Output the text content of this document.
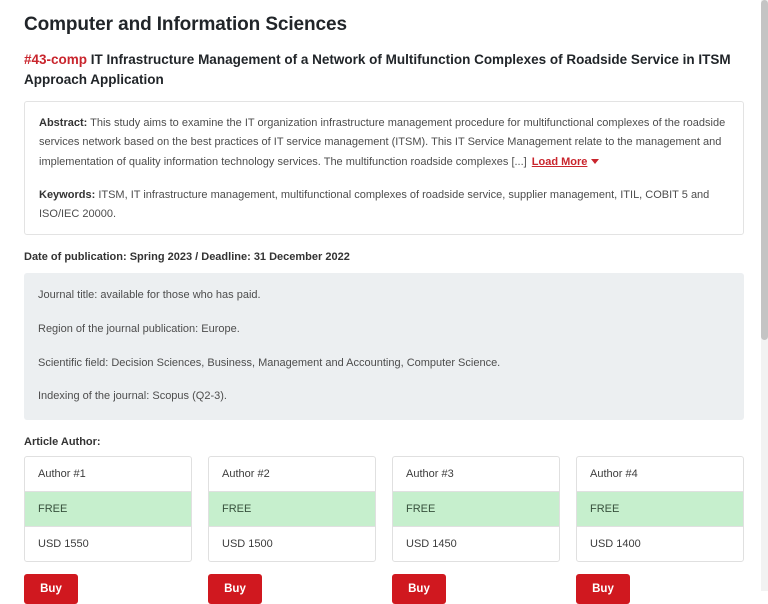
Computer and Information Sciences
#43-comp IT Infrastructure Management of a Network of Multifunction Complexes of Roadside Service in ITSM Approach Application

Abstract: This study aims to examine the IT organization infrastructure management procedure for multifunctional complexes of the roadside services network based on the best practices of IT service management (ITSM). This IT Service Management relate to the management and implementation of quality information technology services. The multifunction roadside complexes [...] Load More

Keywords: ITSM, IT infrastructure management, multifunctional complexes of roadside service, supplier management, ITIL, COBIT 5 and ISO/IEC 20000.

Date of publication: Spring 2023 / Deadline: 31 December 2022

Journal title: available for those who has paid.

Region of the journal publication: Europe.

Scientific field: Decision Sciences, Business, Management and Accounting, Computer Science.

Indexing of the journal: Scopus (Q2-3).

Article Author:

Author #1
FREE
USD 1550
Author #2
FREE
USD 1500
Author #3
FREE
USD 1450
Author #4
FREE
USD 1400
Buy	Buy	Buy	Buy
